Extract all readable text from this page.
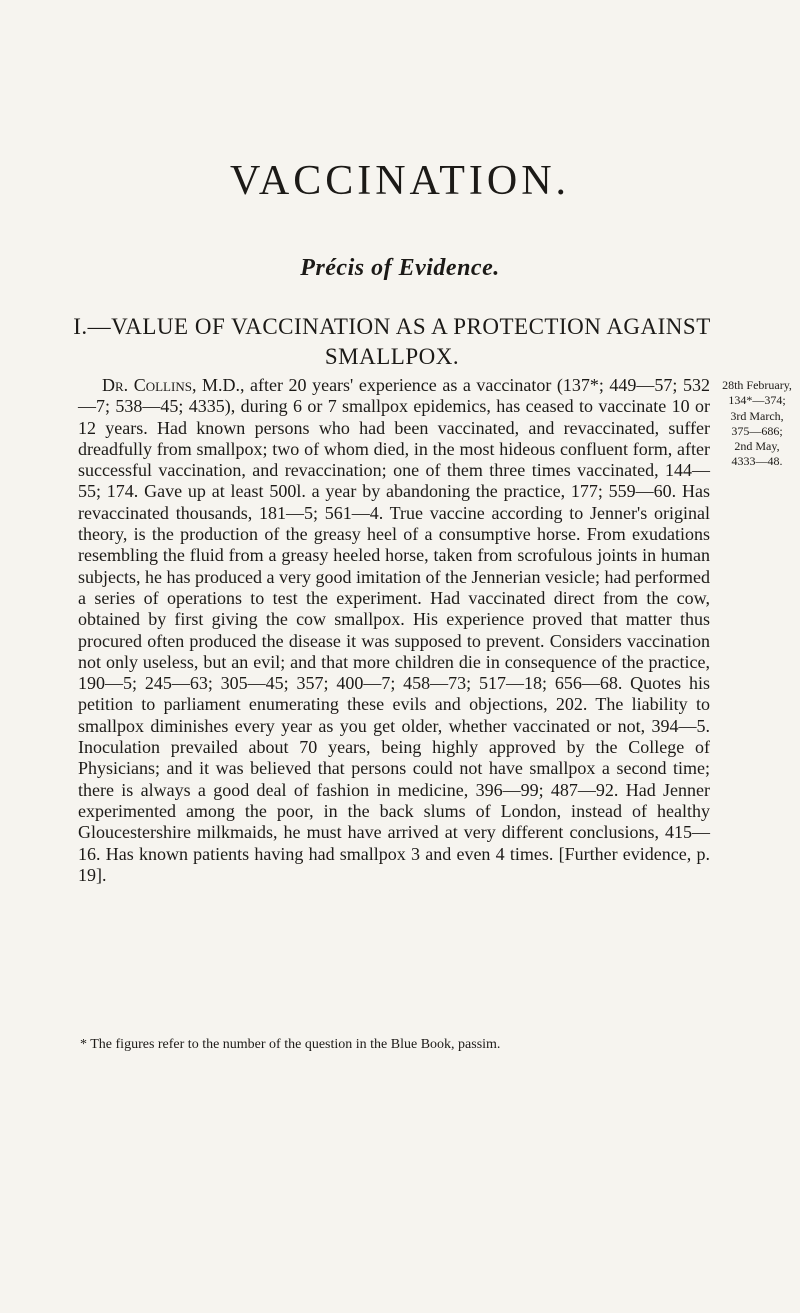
VACCINATION.
Précis of Evidence.
I.—VALUE OF VACCINATION AS A PROTECTION AGAINST SMALLPOX.

Dr. Collins, M.D., after 20 years' experience as a vaccinator (137*; 449—57; 532—7; 538—45; 4335), during 6 or 7 smallpox epidemics, has ceased to vaccinate 10 or 12 years. Had known persons who had been vaccinated, and revaccinated, suffer dreadfully from smallpox; two of whom died, in the most hideous confluent form, after successful vaccination, and revaccination; one of them three times vaccinated, 144—55; 174. Gave up at least 500l. a year by abandoning the practice, 177; 559—60. Has revaccinated thousands, 181—5; 561—4. True vaccine according to Jenner's original theory, is the production of the greasy heel of a consumptive horse. From exudations resembling the fluid from a greasy heeled horse, taken from scrofulous joints in human subjects, he has produced a very good imitation of the Jennerian vesicle; had performed a series of operations to test the experiment. Had vaccinated direct from the cow, obtained by first giving the cow smallpox. His experience proved that matter thus procured often produced the disease it was supposed to prevent. Considers vaccination not only useless, but an evil; and that more children die in consequence of the practice, 190—5; 245—63; 305—45; 357; 400—7; 458—73; 517—18; 656—68. Quotes his petition to parliament enumerating these evils and objections, 202. The liability to smallpox diminishes every year as you get older, whether vaccinated or not, 394—5. Inoculation prevailed about 70 years, being highly approved by the College of Physicians; and it was believed that persons could not have smallpox a second time; there is always a good deal of fashion in medicine, 396—99; 487—92. Had Jenner experimented among the poor, in the back slums of London, instead of healthy Gloucestershire milkmaids, he must have arrived at very different conclusions, 415—16. Has known patients having had smallpox 3 and even 4 times. [Further evidence, p. 19].

28th February,
134*—374;
3rd March,
375—686;
2nd May,
4333—48.
* The figures refer to the number of the question in the Blue Book, passim.
